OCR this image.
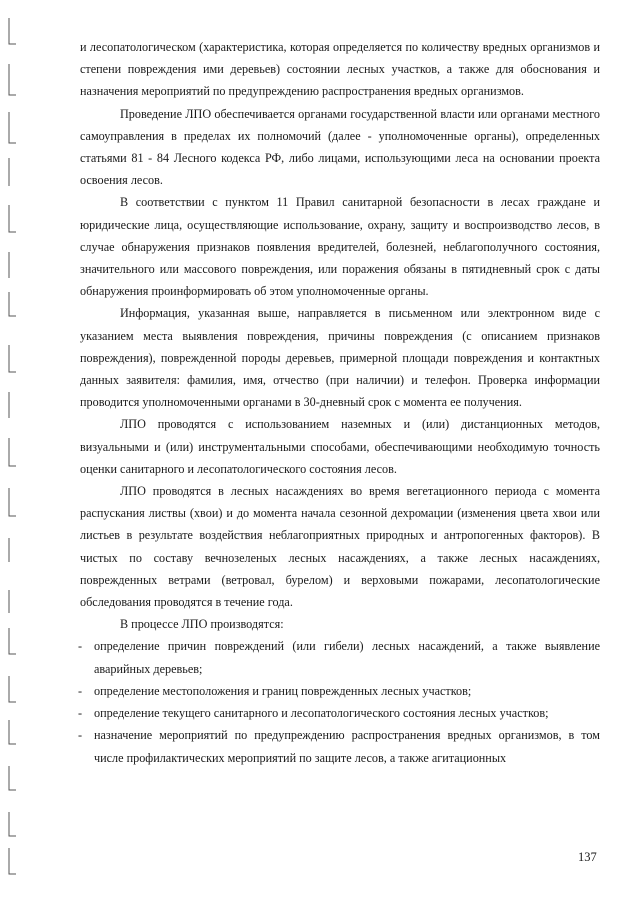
и лесопатологическом (характеристика, которая определяется по количеству вредных организмов и степени повреждения ими деревьев) состоянии лесных участков, а также для обоснования и назначения мероприятий по предупреждению распространения вредных организмов.

Проведение ЛПО обеспечивается органами государственной власти или органами местного самоуправления в пределах их полномочий (далее - уполномоченные органы), определенных статьями 81 - 84 Лесного кодекса РФ, либо лицами, использующими леса на основании проекта освоения лесов.

В соответствии с пунктом 11 Правил санитарной безопасности в лесах граждане и юридические лица, осуществляющие использование, охрану, защиту и воспроизводство лесов, в случае обнаружения признаков появления вредителей, болезней, неблагополучного состояния, значительного или массового повреждения, или поражения обязаны в пятидневный срок с даты обнаружения проинформировать об этом уполномоченные органы.

Информация, указанная выше, направляется в письменном или электронном виде с указанием места выявления повреждения, причины повреждения (с описанием признаков повреждения), поврежденной породы деревьев, примерной площади повреждения и контактных данных заявителя: фамилия, имя, отчество (при наличии) и телефон. Проверка информации проводится уполномоченными органами в 30-дневный срок с момента ее получения.

ЛПО проводятся с использованием наземных и (или) дистанционных методов, визуальными и (или) инструментальными способами, обеспечивающими необходимую точность оценки санитарного и лесопатологического состояния лесов.

ЛПО проводятся в лесных насаждениях во время вегетационного периода с момента распускания листвы (хвои) и до момента начала сезонной дехромации (изменения цвета хвои или листьев в результате воздействия неблагоприятных природных и антропогенных факторов). В чистых по составу вечнозеленых лесных насаждениях, а также лесных насаждениях, поврежденных ветрами (ветровал, бурелом) и верховыми пожарами, лесопатологические обследования проводятся в течение года.

В процессе ЛПО производятся:

- определение причин повреждений (или гибели) лесных насаждений, а также выявление аварийных деревьев;
- определение местоположения и границ поврежденных лесных участков;
- определение текущего санитарного и лесопатологического состояния лесных участков;
- назначение мероприятий по предупреждению распространения вредных организмов, в том числе профилактических мероприятий по защите лесов, а также агитационных
137
